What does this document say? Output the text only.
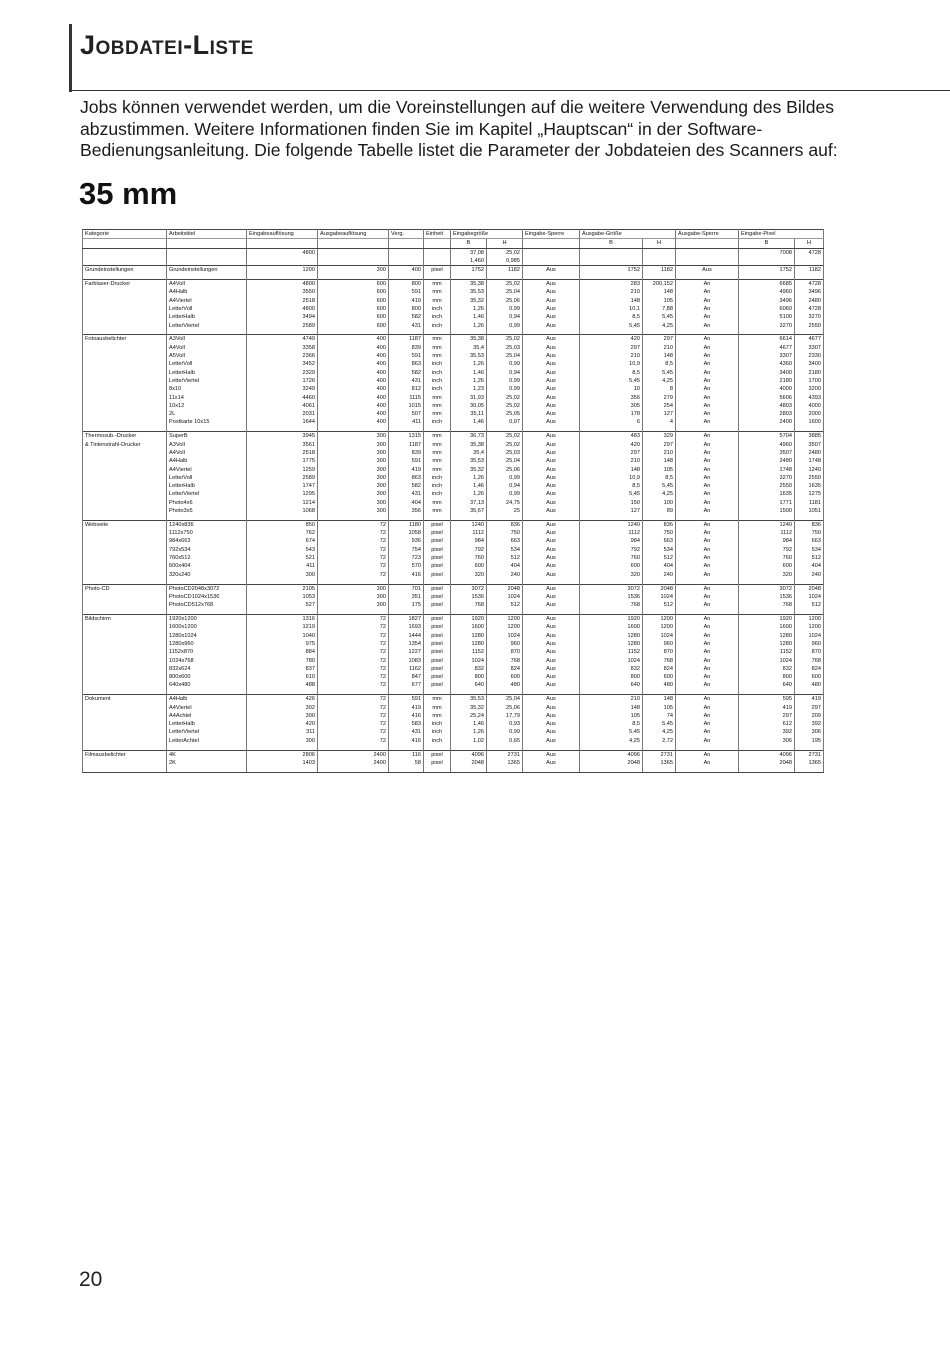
Jobdatei-Liste

Jobs können verwendet werden, um die Voreinstellungen auf die weitere Verwendung des Bildes abzustimmen. Weitere Informationen finden Sie im Kapitel „Hauptscan“ in der Software-Bedienungsanleitung. Die folgende Tabelle listet die Parameter der Jobdateien des Scanners auf:

35 mm
Kategorie	Arbeitstitel	Eingabeauflösung	Ausgabeauflösung	Verg.	Einheit	Eingabegröße		Eingabe-Sperre	Ausgabe-Größe		Ausgabe-Sperre	Eingabe-Pixel	
						B	H		B	H		B	H
		4800				37,08	25,02					7008	4728
						1,460	0,985						
Grundeinstellungen	Grundeinstellungen	1200	300	400	pixel	1752	1182	Aus	1752	1182	Aus	1752	1182

Farblaser-Drucker	A4Voll	4800	600	800	mm	35,38	25,02	Aus	283	200,152	An	6685	4728
	A4Halb	3550	600	591	mm	35,53	25,04	Aus	210	148	An	4960	3496
	A4Viertel	2518	600	419	mm	35,32	25,06	Aus	148	105	An	3496	2480
	LetterVoll	4800	600	800	inch	1,26	0,99	Aus	10,1	7,88	An	6060	4728
	LetterHalb	3494	600	582	inch	1,46	0,94	Aus	8,5	5,45	An	5100	3270
	LetterViertel	2589	600	431	inch	1,26	0,99	Aus	5,45	4,25	An	3270	2550

Fotoausbelichter	A3Voll	4749	400	1187	mm	35,38	25,02	Aus	420	297	An	6614	4677
	A4Voll	3358	400	839	mm	35,4	25,03	Aus	297	210	An	4677	3307
	A5Voll	2366	400	591	mm	35,53	25,04	Aus	210	148	An	3307	2330
	LetterVoll	3452	400	863	inch	1,26	0,99	Aus	10,9	8,5	An	4360	3400
	LetterHalb	2329	400	582	inch	1,46	0,94	Aus	8,5	5,45	An	3400	2180
	LetterViertel	1726	400	431	inch	1,26	0,99	Aus	5,45	4,25	An	2180	1700
	8x10	3249	400	812	inch	1,23	0,99	Aus	10	8	An	4000	3200
	11x14	4460	400	1115	mm	31,93	25,02	Aus	356	279	An	5606	4393
	10x12	4061	400	1015	mm	30,05	25,02	Aus	305	254	An	4803	4000
	2L	2031	400	507	mm	35,11	25,05	Aus	178	127	An	2803	2000
	Postkarte 10x15	1644	400	411	inch	1,46	0,97	Aus	6	4	An	2400	1600

Thermosub.-Drucker	SuperB	3945	300	1315	mm	36,73	25,02	Aus	483	329	An	5704	3885
& Tintenstrahl-Drucker	A3Voll	3561	300	1187	mm	35,38	25,02	Aus	420	297	An	4960	3507
	A4Voll	2518	300	839	mm	35,4	25,03	Aus	297	210	An	3507	2480
	A4Halb	1775	300	591	mm	35,53	25,04	Aus	210	148	An	2480	1748
	A4Viertel	1259	300	419	mm	35,32	25,06	Aus	148	105	An	1748	1240
	LetterVoll	2589	300	863	inch	1,26	0,99	Aus	10,9	8,5	An	3270	2550
	LetterHalb	1747	300	582	inch	1,46	0,94	Aus	8,5	5,45	An	2550	1635
	LetterViertel	1295	300	431	inch	1,26	0,99	Aus	5,45	4,25	An	1635	1275
	Photo4x6	1214	300	404	mm	37,13	24,75	Aus	150	100	An	1771	1181
	Photo3x5	1068	300	356	mm	35,67	25	Aus	127	89	An	1500	1051

Webseite	1240x836	850	72	1180	pixel	1240	836	Aus	1240	836	An	1240	836
	1112x750	762	72	1058	pixel	1112	750	Aus	1112	750	An	1112	750
	984x663	674	72	936	pixel	984	663	Aus	984	663	An	984	663
	792x534	543	72	754	pixel	792	534	Aus	792	534	An	792	534
	760x512	521	72	723	pixel	760	512	Aus	760	512	An	760	512
	600x404	411	72	570	pixel	600	404	Aus	600	404	An	600	404
	320x240	300	72	416	pixel	320	240	Aus	320	240	An	320	240

Photo-CD	PhotoCD2048x3072	2105	300	701	pixel	3072	2048	Aus	3072	2048	An	3072	2048
	PhotoCD1024x1536	1053	300	351	pixel	1536	1024	Aus	1536	1024	An	1536	1024
	PhotoCD512x768	527	300	175	pixel	768	512	Aus	768	512	An	768	512

Bildschirm	1920x1200	1316	72	1827	pixel	1920	1200	Aus	1920	1200	An	1920	1200
	1600x1200	1219	72	1693	pixel	1600	1200	Aus	1600	1200	An	1600	1200
	1280x1024	1040	72	1444	pixel	1280	1024	Aus	1280	1024	An	1280	1024
	1280x960	975	72	1354	pixel	1280	960	Aus	1280	960	An	1280	960
	1152x870	884	72	1227	pixel	1152	870	Aus	1152	870	An	1152	870
	1024x768	780	72	1083	pixel	1024	768	Aus	1024	768	An	1024	768
	832x624	837	72	1162	pixel	832	824	Aus	832	824	An	832	824
	800x600	610	72	847	pixel	800	600	Aus	800	600	An	800	600
	640x480	488	72	677	pixel	640	480	Aus	640	480	An	640	480

Dokument	A4Halb	426	72	591	mm	35,53	25,04	Aus	210	148	An	595	419
	A4Viertel	302	72	419	mm	35,32	25,06	Aus	148	105	An	419	297
	A4Achtel	300	72	416	mm	25,24	17,79	Aus	105	74	An	297	209
	LetterHalb	420	72	583	inch	1,46	0,93	Aus	8,5	5,45	An	612	392
	LetterViertel	311	72	431	inch	1,26	0,99	Aus	5,45	4,25	An	392	306
	LetterAchtel	300	72	416	inch	1,02	0,65	Aus	4,25	2,72	An	306	195

Filmausbelichter	4K	2806	2400	116	pixel	4096	2731	Aus	4096	2731	An	4096	2731
	2K	1403	2400	58	pixel	2048	1365	Aus	2048	1365	An	2048	1365

20
